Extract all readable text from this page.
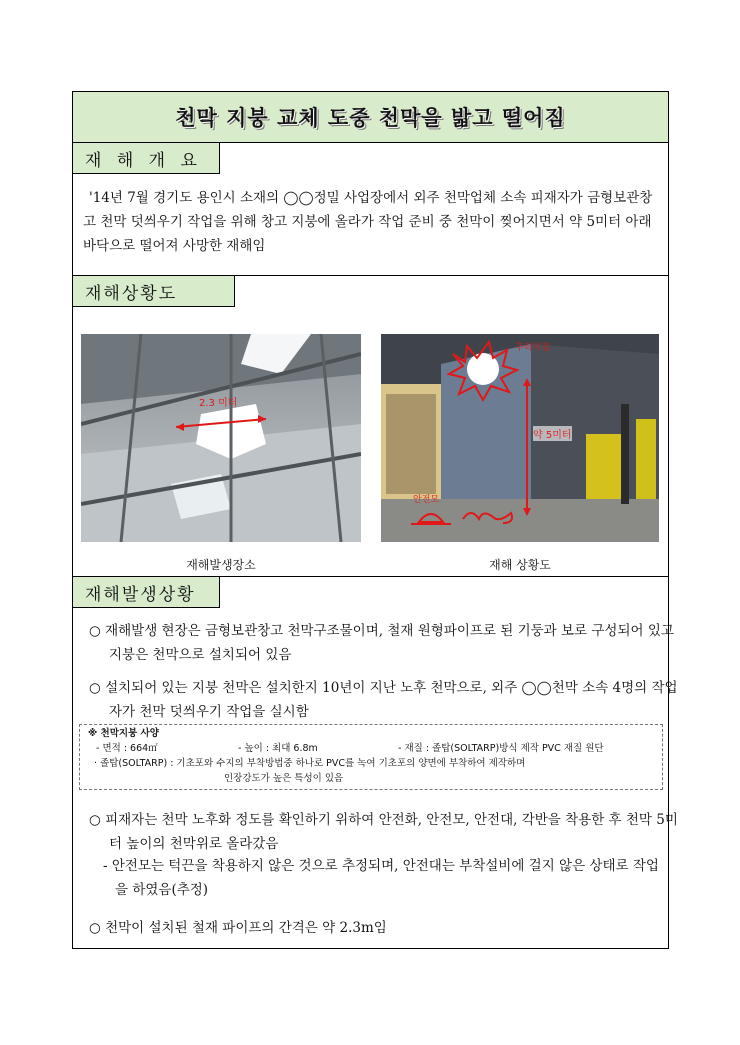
천막 지붕 교체 도중 천막을 밟고 떨어짐
재 해 개 요
'14년 7월 경기도 용인시 소재의 ◯◯정밀 사업장에서 외주 천막업체 소속 피재자가 금형보관창고 천막 덧씌우기 작업을 위해 창고 지붕에 올라가 작업 준비 중 천막이 찢어지면서 약 5미터 아래 바닥으로 떨어져 사망한 재해임
재해상황도
2.3 미터
재해발생장소
추락지점
약 5미터
안전모
재해 상황도
재해발생상황
○ 재해발생 현장은 금형보관창고 천막구조물이며, 철재 원형파이프로 된 기둥과 보로 구성되어 있고 지붕은 천막으로 설치되어 있음
○ 설치되어 있는 지붕 천막은 설치한지 10년이 지난 노후 천막으로, 외주 ◯◯천막 소속 4명의 작업자가 천막 덧씌우기 작업을 실시함
※ 천막지붕 사양
- 면적 : 664㎡	- 높이 : 최대 6.8m	- 재질 : 졸탑(SOLTARP)방식 제작 PVC 재질 원단
· 졸탑(SOLTARP) : 기초포와 수지의 부착방법중 하나로 PVC를 녹여 기초포의 양면에 부착하여 제작하며
인장강도가 높은 특성이 있음
○ 피재자는 천막 노후화 정도를 확인하기 위하여 안전화, 안전모, 안전대, 각반을 착용한 후 천막 5미터 높이의 천막위로 올라갔음
- 안전모는 턱끈을 착용하지 않은 것으로 추정되며, 안전대는 부착설비에 걸지 않은 상태로 작업을 하였음(추정)
○ 천막이 설치된 철재 파이프의 간격은 약 2.3m임
